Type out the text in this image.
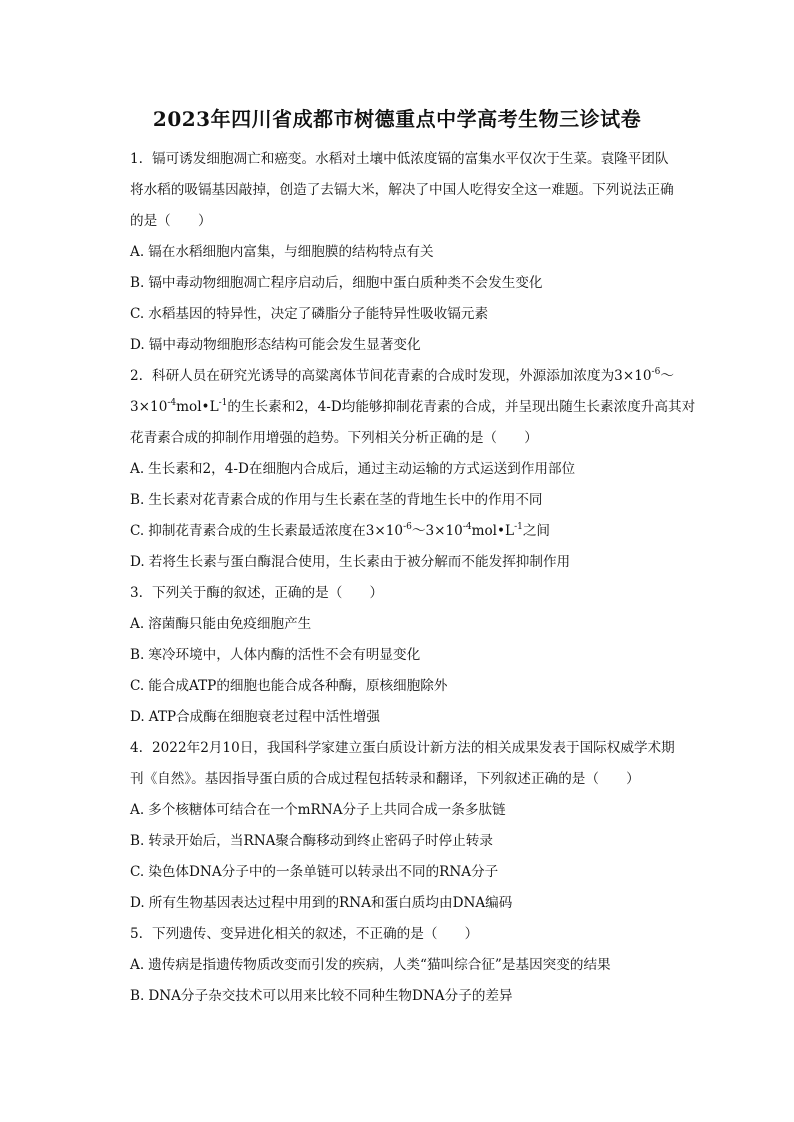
2023年四川省成都市树德重点中学高考生物三诊试卷
1. 镉可诱发细胞凋亡和癌变。水稻对土壤中低浓度镉的富集水平仅次于生菜。袁隆平团队
将水稻的吸镉基因敲掉，创造了去镉大米，解决了中国人吃得安全这一难题。下列说法正确
的是（　　）
A. 镉在水稻细胞内富集，与细胞膜的结构特点有关
B. 镉中毒动物细胞凋亡程序启动后，细胞中蛋白质种类不会发生变化
C. 水稻基因的特异性，决定了磷脂分子能特异性吸收镉元素
D. 镉中毒动物细胞形态结构可能会发生显著变化
2. 科研人员在研究光诱导的高粱离体节间花青素的合成时发现，外源添加浓度为$3\times 10^{-6}\sim$
$3\times 10^{-4}mol•L^{-1}$的生长素和2，4-D均能够抑制花青素的合成，并呈现出随生长素浓度升高其对
花青素合成的抑制作用增强的趋势。下列相关分析正确的是（　　）
A. 生长素和2，4-D在细胞内合成后，通过主动运输的方式运送到作用部位
B. 生长素对花青素合成的作用与生长素在茎的背地生长中的作用不同
C. 抑制花青素合成的生长素最适浓度在$3\times 10^{-6}\sim 3\times 10^{-4}mol•L^{-1}$之间
D. 若将生长素与蛋白酶混合使用，生长素由于被分解而不能发挥抑制作用
3. 下列关于酶的叙述，正确的是（　　）
A. 溶菌酶只能由免疫细胞产生
B. 寒冷环境中，人体内酶的活性不会有明显变化
C. 能合成ATP的细胞也能合成各种酶，原核细胞除外
D. ATP合成酶在细胞衰老过程中活性增强
4. 2022年2月10日，我国科学家建立蛋白质设计新方法的相关成果发表于国际权威学术期
刊《自然》。基因指导蛋白质的合成过程包括转录和翻译，下列叙述正确的是（　　）
A. 多个核糖体可结合在一个mRNA分子上共同合成一条多肽链
B. 转录开始后，当RNA聚合酶移动到终止密码子时停止转录
C. 染色体DNA分子中的一条单链可以转录出不同的RNA分子
D. 所有生物基因表达过程中用到的RNA和蛋白质均由DNA编码
5. 下列遗传、变异进化相关的叙述，不正确的是（　　）
A. 遗传病是指遗传物质改变而引发的疾病，人类“猫叫综合征”是基因突变的结果
B. DNA分子杂交技术可以用来比较不同种生物DNA分子的差异
